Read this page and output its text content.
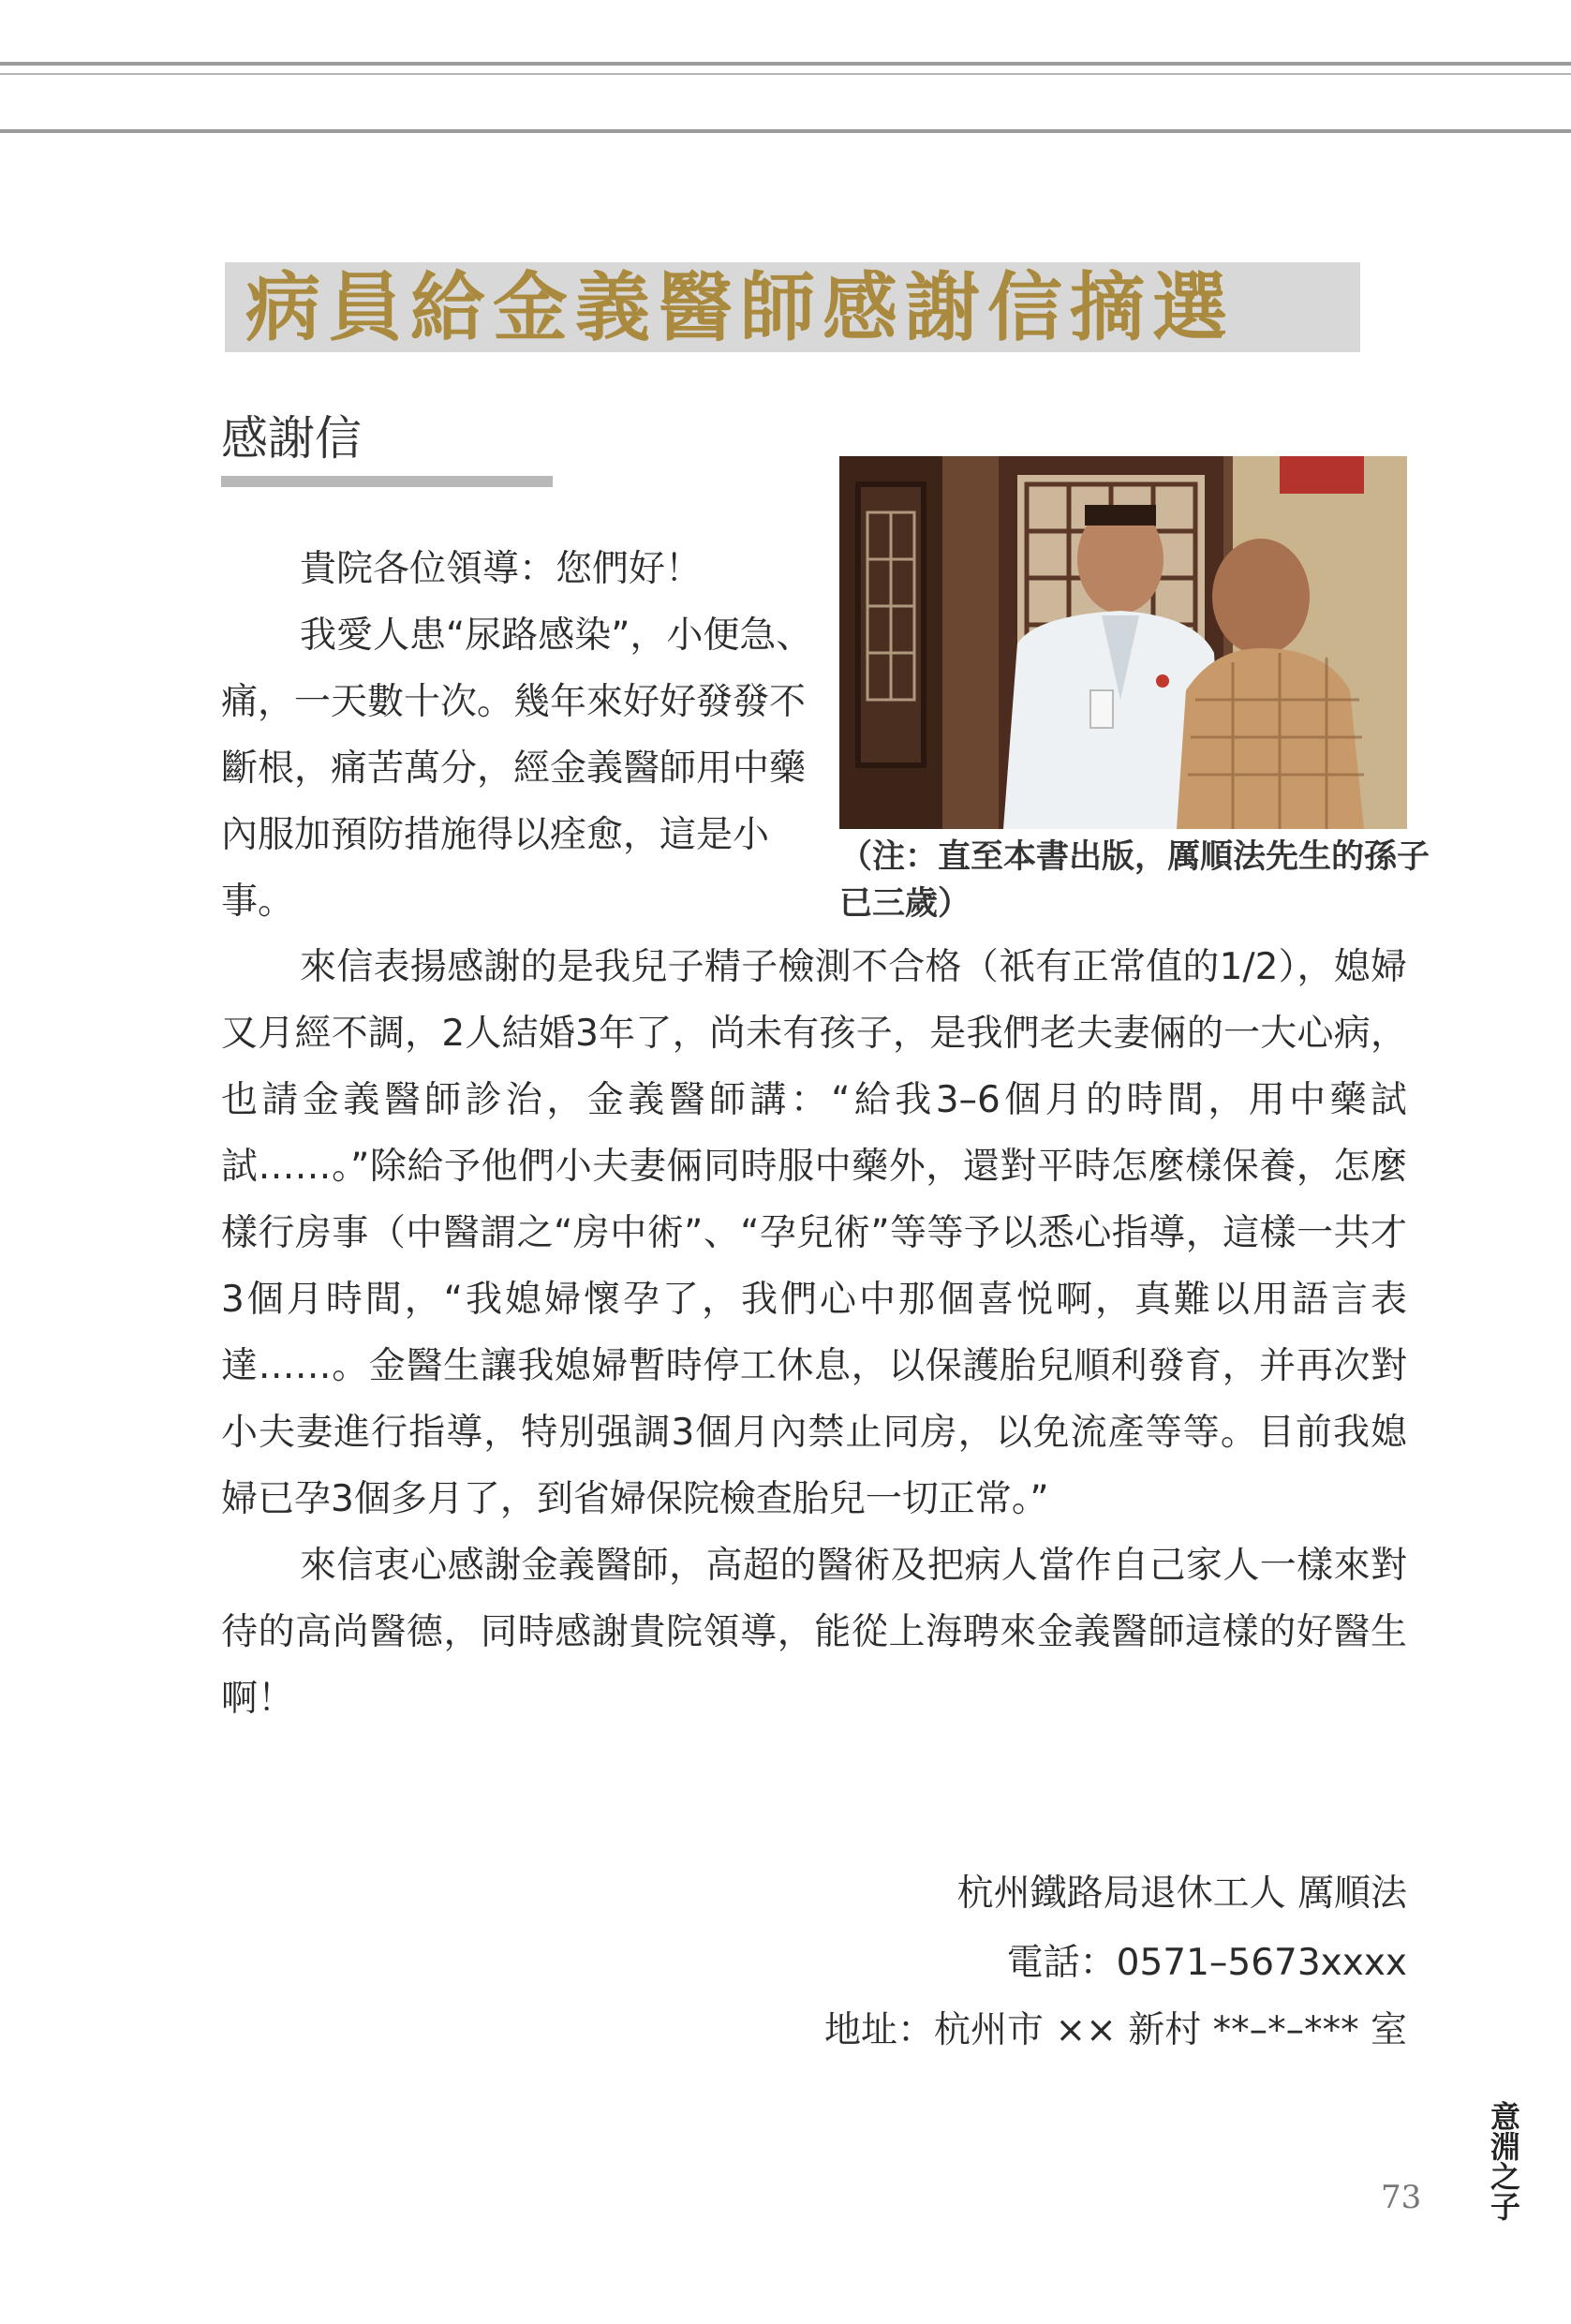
病員給金義醫師感謝信摘選
感謝信

貴院各位領導：您們好！

我愛人患“尿路感染”，小便急、痛，一天數十次。幾年來好好發發不斷根，痛苦萬分，經金義醫師用中藥內服加預防措施得以痊愈，這是小事。

（注：直至本書出版，厲順法先生的孫子已三歲）

來信表揚感謝的是我兒子精子檢測不合格（祇有正常值的1/2），媳婦又月經不調，2人結婚3年了，尚未有孩子，是我們老夫妻倆的一大心病，也請金義醫師診治，金義醫師講：“給我3–6個月的時間，用中藥試試……。”除給予他們小夫妻倆同時服中藥外，還對平時怎麼樣保養，怎麼樣行房事（中醫謂之“房中術”、“孕兒術”等等予以悉心指導，這樣一共才3個月時間，“我媳婦懷孕了，我們心中那個喜悦啊，真難以用語言表達……。金醫生讓我媳婦暫時停工休息，以保護胎兒順利發育，并再次對小夫妻進行指導，特別强調3個月內禁止同房，以免流產等等。目前我媳婦已孕3個多月了，到省婦保院檢查胎兒一切正常。”

來信衷心感謝金義醫師，高超的醫術及把病人當作自己家人一樣來對待的高尚醫德，同時感謝貴院領導，能從上海聘來金義醫師這樣的好醫生啊！

杭州鐵路局退休工人 厲順法
電話：0571–5673xxxx
地址：杭州市 ×× 新村 **–*–*** 室
意淵之子
73
